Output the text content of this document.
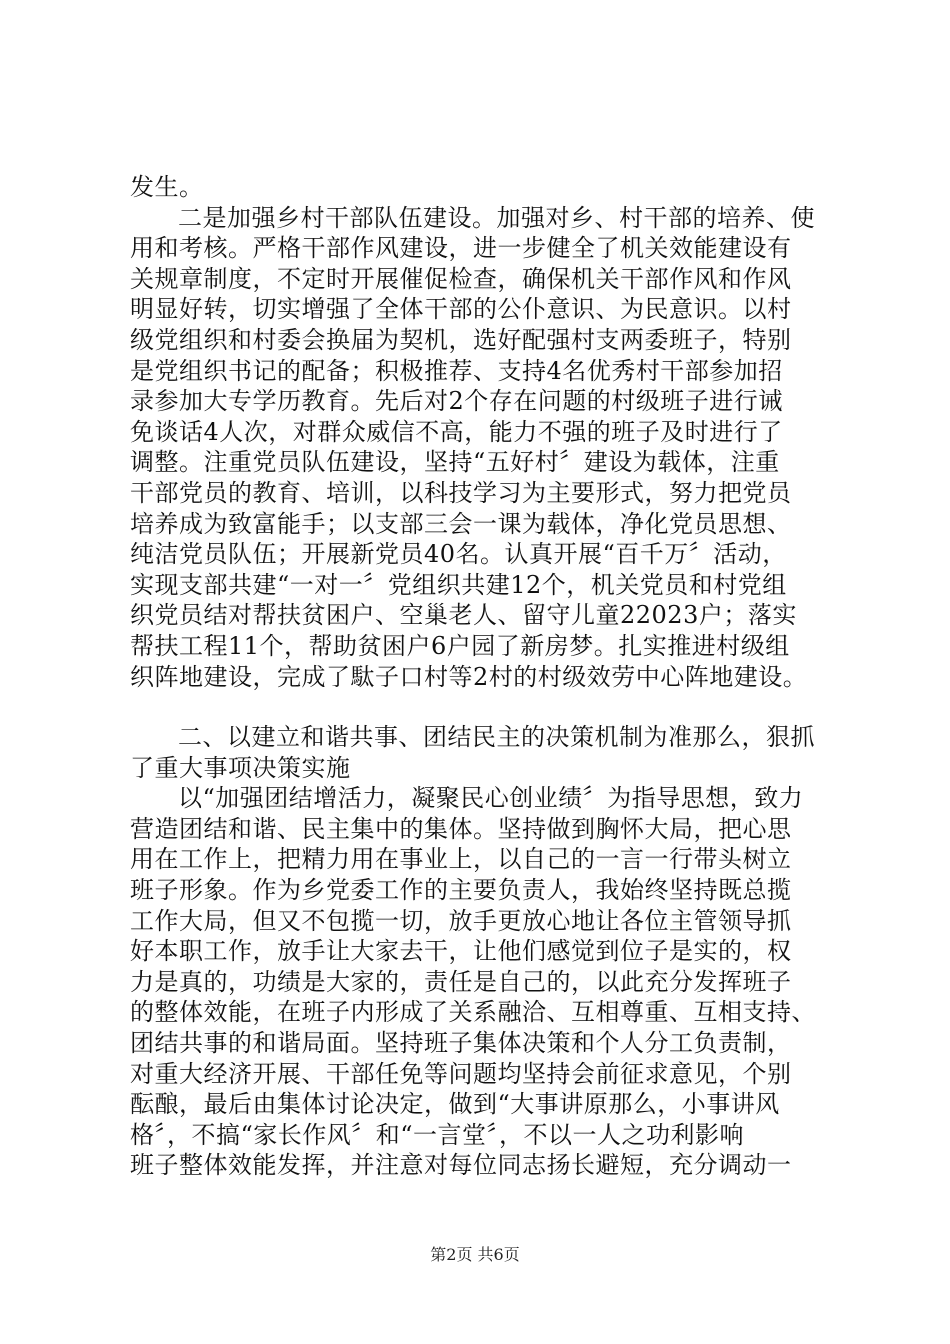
发生。
二是加强乡村干部队伍建设。加强对乡、村干部的培养、使
用和考核。严格干部作风建设，进一步健全了机关效能建设有
关规章制度，不定时开展催促检查，确保机关干部作风和作风
明显好转，切实增强了全体干部的公仆意识、为民意识。以村
级党组织和村委会换届为契机，选好配强村支两委班子，特别
是党组织书记的配备；积极推荐、支持4名优秀村干部参加招
录参加大专学历教育。先后对2个存在问题的村级班子进行诫
免谈话4人次，对群众威信不高，能力不强的班子及时进行了
调整。注重党员队伍建设，坚持“五好村〞建设为载体，注重
干部党员的教育、培训，以科技学习为主要形式，努力把党员
培养成为致富能手；以支部三会一课为载体，净化党员思想、
纯洁党员队伍；开展新党员40名。认真开展“百千万〞活动，
实现支部共建“一对一〞党组织共建12个，机关党员和村党组
织党员结对帮扶贫困户、空巢老人、留守儿童22023户；落实
帮扶工程11个，帮助贫困户6户园了新房梦。扎实推进村级组
织阵地建设，完成了駄子口村等2村的村级效劳中心阵地建设。
二、以建立和谐共事、团结民主的决策机制为准那么，狠抓
了重大事项决策实施
以“加强团结增活力，凝聚民心创业绩〞为指导思想，致力
营造团结和谐、民主集中的集体。坚持做到胸怀大局，把心思
用在工作上，把精力用在事业上，以自己的一言一行带头树立
班子形象。作为乡党委工作的主要负责人，我始终坚持既总揽
工作大局，但又不包揽一切，放手更放心地让各位主管领导抓
好本职工作，放手让大家去干，让他们感觉到位子是实的，权
力是真的，功绩是大家的，责任是自己的，以此充分发挥班子
的整体效能，在班子内形成了关系融洽、互相尊重、互相支持、
团结共事的和谐局面。坚持班子集体决策和个人分工负责制，
对重大经济开展、干部任免等问题均坚持会前征求意见，个别
酝酿，最后由集体讨论决定，做到“大事讲原那么，小事讲风
格〞，不搞“家长作风〞和“一言堂〞，不以一人之功利影响
班子整体效能发挥，并注意对每位同志扬长避短，充分调动一
第2页 共6页
